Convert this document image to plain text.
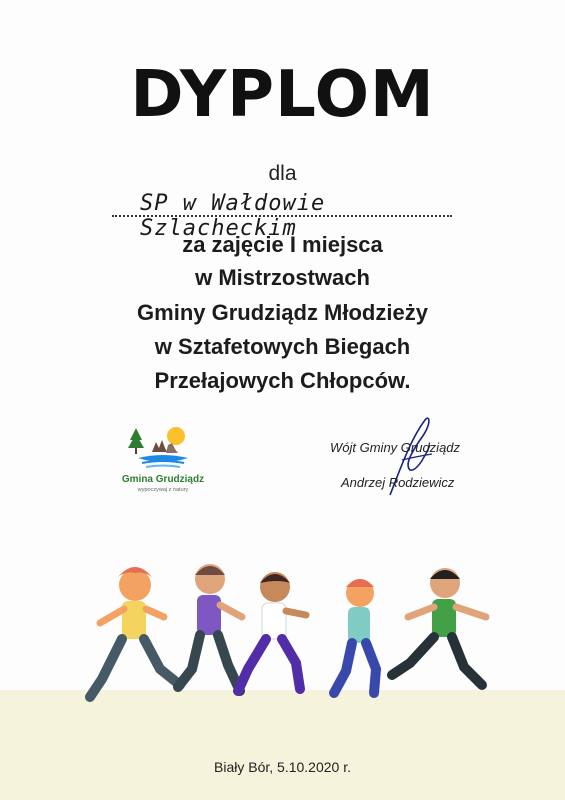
DYPLOM
dla
SP w Wałdowie Szlacheckim
za zajęcie I miejsca
w Mistrzostwach
Gminy Grudziądz Młodzieży
w Sztafetowych Biegach
Przełajowych Chłopców.
Gmina Grudziądz
wypoczywaj z natury
Wójt Gminy Grudziądz
Andrzej Rodziewicz
Biały Bór, 5.10.2020 r.
